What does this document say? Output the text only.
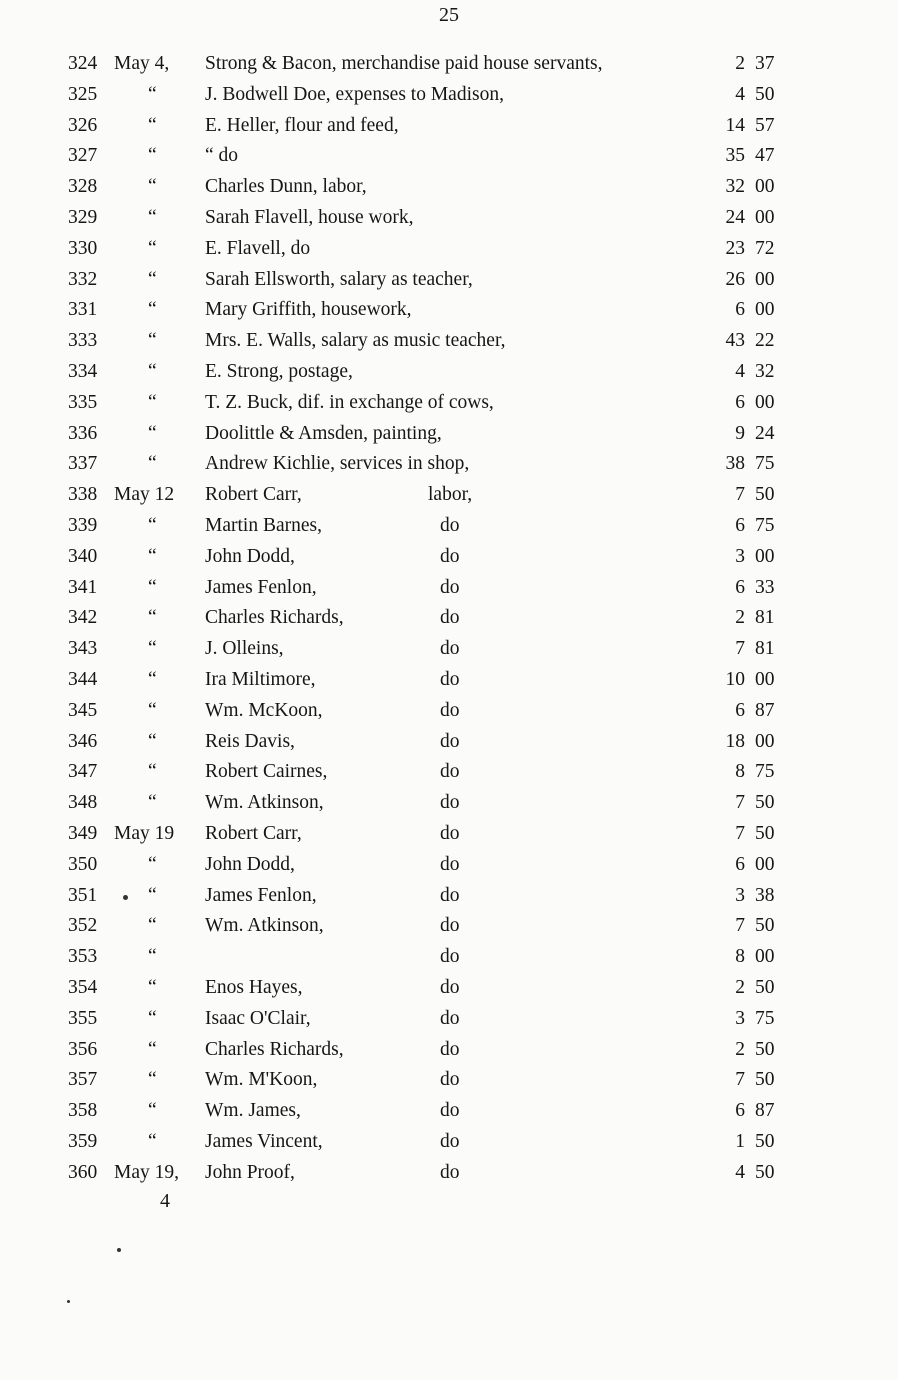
25
324 May 4, Strong & Bacon, merchandise paid house servants,	2 37
325	“ J. Bodwell Doe, expenses to Madison,	4 50
326	“ E. Heller, flour and feed,	14 57
327	“ “ do	35 47
328	“ Charles Dunn, labor,	32 00
329	“ Sarah Flavell, house work,	24 00
330	“ E. Flavell, do	23 72
332	“ Sarah Ellsworth, salary as teacher,	26 00
331	“ Mary Griffith, housework,	6 00
333	“ Mrs. E. Walls, salary as music teacher,	43 22
334	“ E. Strong, postage,	4 32
335	“ T. Z. Buck, dif. in exchange of cows,	6 00
336	“ Doolittle & Amsden, painting,	9 24
337	“ Andrew Kichlie, services in shop,	38 75
338 May 12 Robert Carr,	labor,	7 50
339	“ Martin Barnes,	do	6 75
340	“ John Dodd,	do	3 00
341	“ James Fenlon,	do	6 33
342	“ Charles Richards,	do	2 81
343	“ J. Olleins,	do	7 81
344	“ Ira Miltimore,	do	10 00
345	“ Wm. McKoon,	do	6 87
346	“ Reis Davis,	do	18 00
347	“ Robert Cairnes,	do	8 75
348	“ Wm. Atkinson,	do	7 50
349 May 19 Robert Carr,	do	7 50
350	“ John Dodd,	do	6 00
351	“ James Fenlon,	do	3 38
352	“ Wm. Atkinson,	do	7 50
353	“	do	8 00
354	“ Enos Hayes,	do	2 50
355	“ Isaac O'Clair,	do	3 75
356	“ Charles Richards,	do	2 50
357	“ Wm. M'Koon,	do	7 50
358	“ Wm. James,	do	6 87
359	“ James Vincent,	do	1 50
360 May 19, John Proof,	do	4 50
4
